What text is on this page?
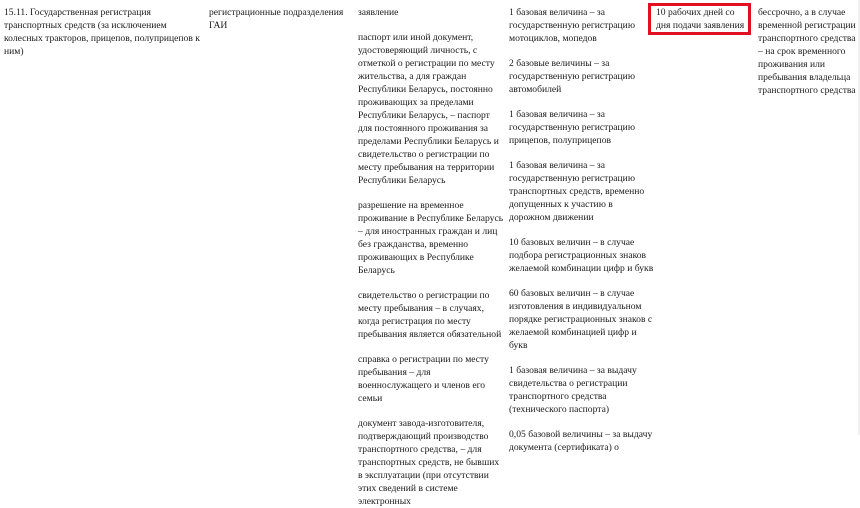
15.11. Государственная регистрация транспортных средств (за исключением колесных тракторов, прицепов, полуприцепов к ним)

регистрационные подразделения ГАИ

заявление

паспорт или иной документ, удостоверяющий личность, с отметкой о регистрации по месту жительства, а для граждан Республики Беларусь, постоянно проживающих за пределами Республики Беларусь, – паспорт для постоянного проживания за пределами Республики Беларусь и свидетельство о регистрации по месту пребывания на территории Республики Беларусь

разрешение на временное проживание в Республике Беларусь – для иностранных граждан и лиц без гражданства, временно проживающих в Республике Беларусь

свидетельство о регистрации по месту пребывания – в случаях, когда регистрация по месту пребывания является обязательной

справка о регистрации по месту пребывания – для военнослужащего и членов его семьи

документ завода-изготовителя, подтверждающий производство транспортного средства, – для транспортных средств, не бывших в эксплуатации (при отсутствии этих сведений в системе электронных

1 базовая величина – за государственную регистрацию мотоциклов, мопедов

2 базовые величины – за государственную регистрацию автомобилей

1 базовая величина – за государственную регистрацию прицепов, полуприцепов

1 базовая величина – за государственную регистрацию транспортных средств, временно допущенных к участию в дорожном движении

10 базовых величин – в случае подбора регистрационных знаков желаемой комбинации цифр и букв

60 базовых величин – в случае изготовления в индивидуальном порядке регистрационных знаков с желаемой комбинацией цифр и букв

1 базовая величина – за выдачу свидетельства о регистрации транспортного средства (технического паспорта)

0,05 базовой величины – за выдачу документа (сертификата) о

10 рабочих дней со дня подачи заявления

бессрочно, а в случае временной регистрации транспортного средства – на срок временного проживания или пребывания владельца транспортного средства
